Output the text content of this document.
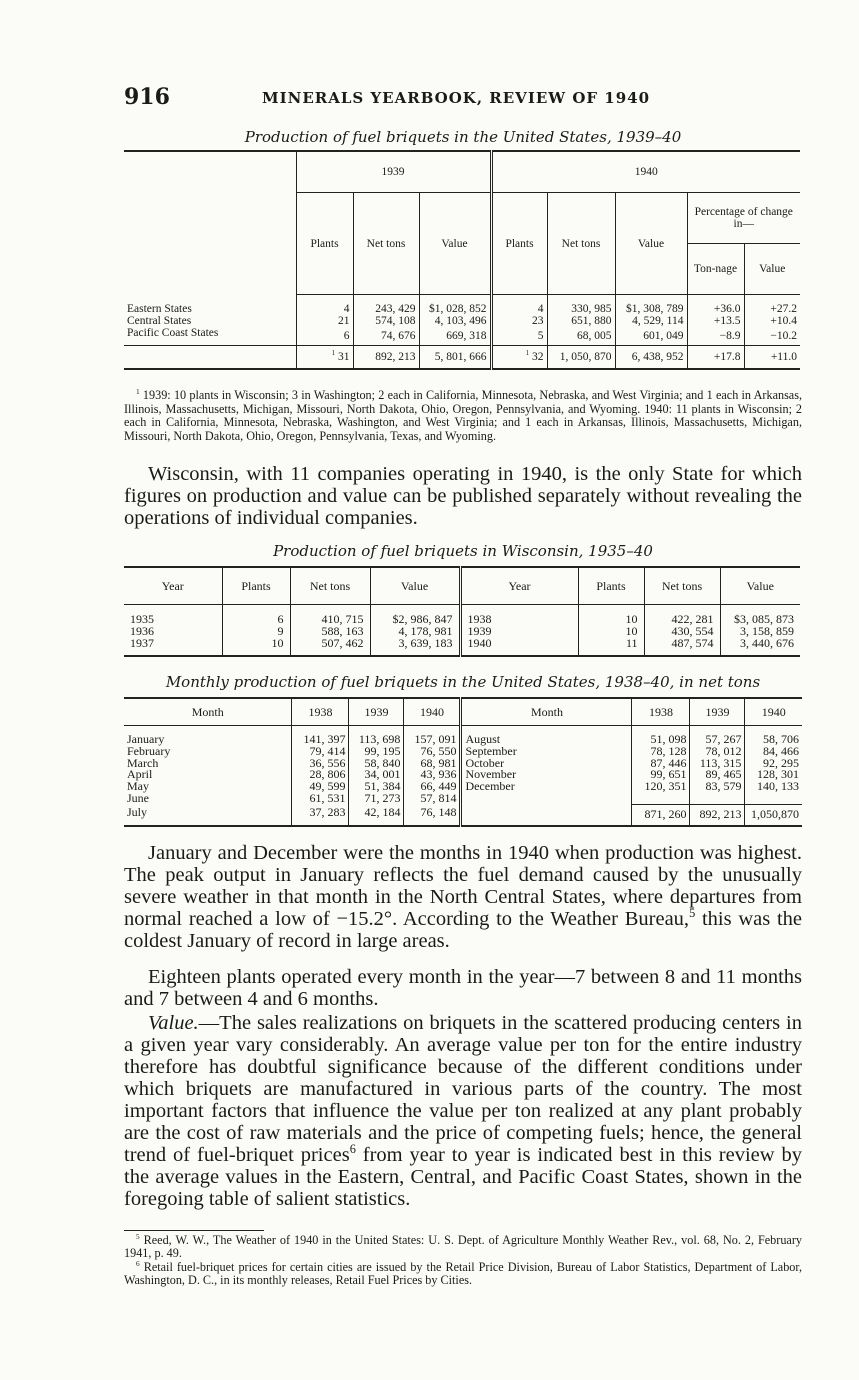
916	MINERALS YEARBOOK, REVIEW OF 1940
Production of fuel briquets in the United States, 1939–40
	1939			1940				
	Plants	Net tons	Value	Plants	Net tons	Value	Percentage of change in—	
							Ton-nage	Value
Eastern States	4	243, 429	$1, 028, 852	4	330, 985	$1, 308, 789	+36.0	+27.2
Central States	21	574, 108	4, 103, 496	23	651, 880	4, 529, 114	+13.5	+10.4
Pacific Coast States	6	74, 676	669, 318	5	68, 005	601, 049	−8.9	−10.2
	$^1$ 31	892, 213	5, 801, 666	$^1$ 32	1, 050, 870	6, 438, 952	+17.8	+11.0
$^1$ 1939: 10 plants in Wisconsin; 3 in Washington; 2 each in California, Minnesota, Nebraska, and West Virginia; and 1 each in Arkansas, Illinois, Massachusetts, Michigan, Missouri, North Dakota, Ohio, Oregon, Pennsylvania, and Wyoming. 1940: 11 plants in Wisconsin; 2 each in California, Minnesota, Nebraska, Washington, and West Virginia; and 1 each in Arkansas, Illinois, Massachusetts, Michigan, Missouri, North Dakota, Ohio, Oregon, Pennsylvania, Texas, and Wyoming.
Wisconsin, with 11 companies operating in 1940, is the only State for which figures on production and value can be published separately without revealing the operations of individual companies.
Production of fuel briquets in Wisconsin, 1935–40
Year	Plants	Net tons	Value	Year	Plants	Net tons	Value
1935	6	410, 715	$2, 986, 847	1938	10	422, 281	$3, 085, 873
1936	9	588, 163	4, 178, 981	1939	10	430, 554	3, 158, 859
1937	10	507, 462	3, 639, 183	1940	11	487, 574	3, 440, 676
Monthly production of fuel briquets in the United States, 1938–40, in net tons
Month	1938	1939	1940	Month	1938	1939	1940
January	141, 397	113, 698	157, 091	August	51, 098	57, 267	58, 706
February	79, 414	99, 195	76, 550	September	78, 128	78, 012	84, 466
March	36, 556	58, 840	68, 981	October	87, 446	113, 315	92, 295
April	28, 806	34, 001	43, 936	November	99, 651	89, 465	128, 301
May	49, 599	51, 384	66, 449	December	120, 351	83, 579	140, 133
June	61, 531	71, 273	57, 814				
July	37, 283	42, 184	76, 148		871, 260	892, 213	1,050,870
January and December were the months in 1940 when production was highest. The peak output in January reflects the fuel demand caused by the unusually severe weather in that month in the North Central States, where departures from normal reached a low of −15.2°. According to the Weather Bureau,$^5$ this was the coldest January of record in large areas.
Eighteen plants operated every month in the year—7 between 8 and 11 months and 7 between 4 and 6 months.
Value.—The sales realizations on briquets in the scattered producing centers in a given year vary considerably. An average value per ton for the entire industry therefore has doubtful significance because of the different conditions under which briquets are manufactured in various parts of the country. The most important factors that influence the value per ton realized at any plant probably are the cost of raw materials and the price of competing fuels; hence, the general trend of fuel-briquet prices$^6$ from year to year is indicated best in this review by the average values in the Eastern, Central, and Pacific Coast States, shown in the foregoing table of salient statistics.
$^5$ Reed, W. W., The Weather of 1940 in the United States: U. S. Dept. of Agriculture Monthly Weather Rev., vol. 68, No. 2, February 1941, p. 49.
$^6$ Retail fuel-briquet prices for certain cities are issued by the Retail Price Division, Bureau of Labor Statistics, Department of Labor, Washington, D. C., in its monthly releases, Retail Fuel Prices by Cities.
